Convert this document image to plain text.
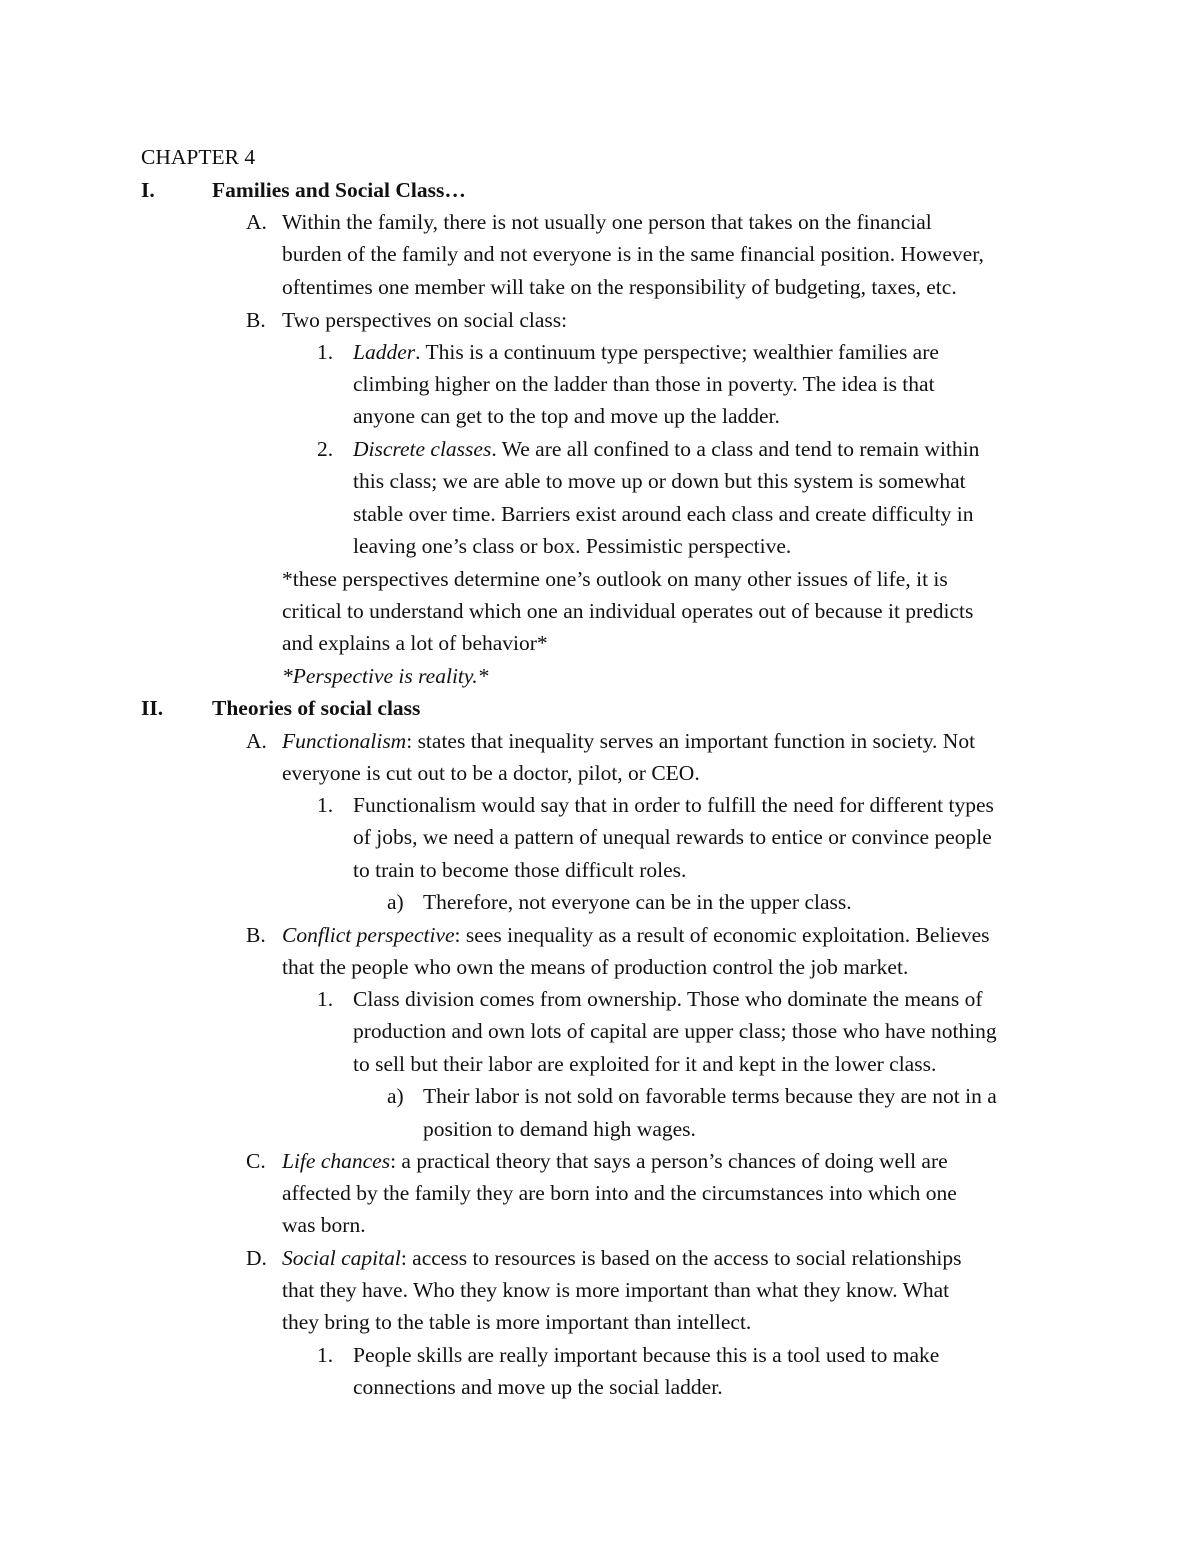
CHAPTER 4
I.	Families and Social Class…
A. Within the family, there is not usually one person that takes on the financial
burden of the family and not everyone is in the same financial position. However,
oftentimes one member will take on the responsibility of budgeting, taxes, etc.
B. Two perspectives on social class:
1. Ladder. This is a continuum type perspective; wealthier families are
climbing higher on the ladder than those in poverty. The idea is that
anyone can get to the top and move up the ladder.
2. Discrete classes. We are all confined to a class and tend to remain within
this class; we are able to move up or down but this system is somewhat
stable over time. Barriers exist around each class and create difficulty in
leaving one’s class or box. Pessimistic perspective.
*these perspectives determine one’s outlook on many other issues of life, it is
critical to understand which one an individual operates out of because it predicts
and explains a lot of behavior*
*Perspective is reality.*
II. Theories of social class
A. Functionalism: states that inequality serves an important function in society. Not
everyone is cut out to be a doctor, pilot, or CEO.
1. Functionalism would say that in order to fulfill the need for different types
of jobs, we need a pattern of unequal rewards to entice or convince people
to train to become those difficult roles.
a) Therefore, not everyone can be in the upper class.
B. Conflict perspective: sees inequality as a result of economic exploitation. Believes
that the people who own the means of production control the job market.
1. Class division comes from ownership. Those who dominate the means of
production and own lots of capital are upper class; those who have nothing
to sell but their labor are exploited for it and kept in the lower class.
a) Their labor is not sold on favorable terms because they are not in a
position to demand high wages.
C. Life chances: a practical theory that says a person’s chances of doing well are
affected by the family they are born into and the circumstances into which one
was born.
D. Social capital: access to resources is based on the access to social relationships
that they have. Who they know is more important than what they know. What
they bring to the table is more important than intellect.
1. People skills are really important because this is a tool used to make
connections and move up the social ladder.
